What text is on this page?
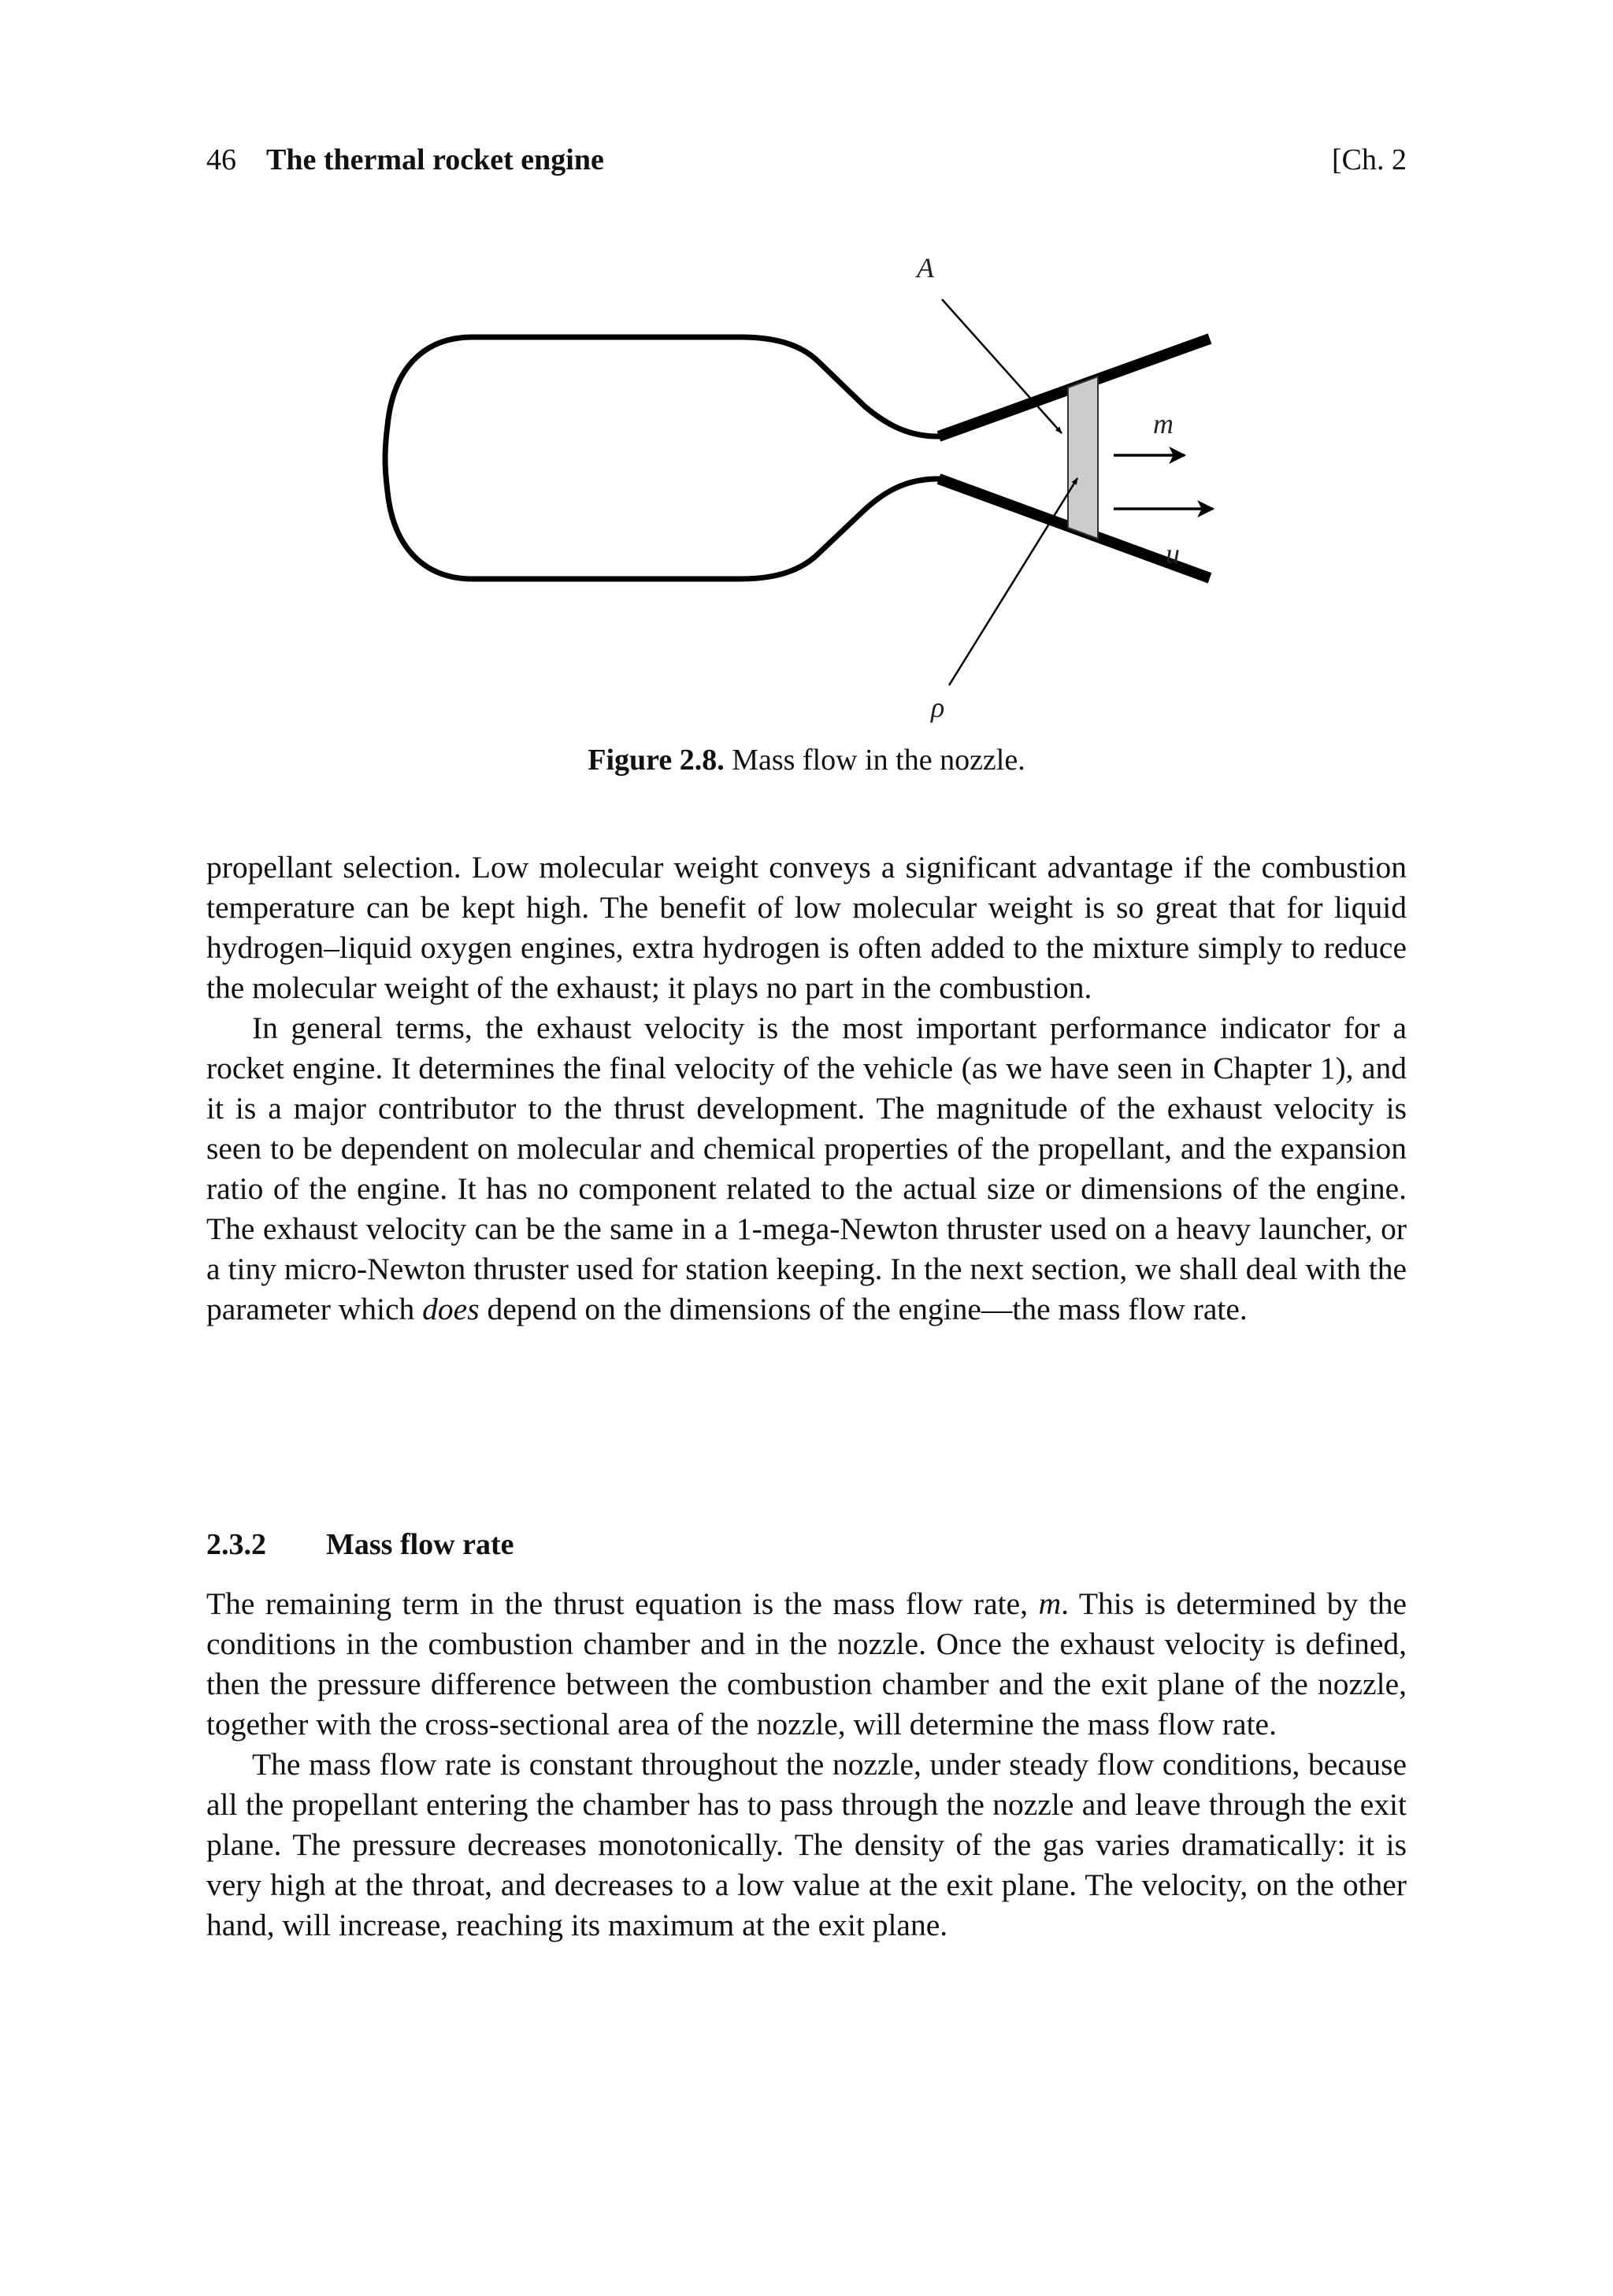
46 The thermal rocket engine	[Ch. 2
A
m
u
ρ
Figure 2.8. Mass flow in the nozzle.

propellant selection. Low molecular weight conveys a significant advantage if the combustion temperature can be kept high. The benefit of low molecular weight is so great that for liquid hydrogen–liquid oxygen engines, extra hydrogen is often added to the mixture simply to reduce the molecular weight of the exhaust; it plays no part in the combustion.

In general terms, the exhaust velocity is the most important performance indicator for a rocket engine. It determines the final velocity of the vehicle (as we have seen in Chapter 1), and it is a major contributor to the thrust development. The magnitude of the exhaust velocity is seen to be dependent on molecular and chemical properties of the propellant, and the expansion ratio of the engine. It has no component related to the actual size or dimensions of the engine. The exhaust velocity can be the same in a 1-mega-Newton thruster used on a heavy launcher, or a tiny micro-Newton thruster used for station keeping. In the next section, we shall deal with the parameter which does depend on the dimensions of the engine—the mass flow rate.

2.3.2 Mass flow rate

The remaining term in the thrust equation is the mass flow rate, m. This is determined by the conditions in the combustion chamber and in the nozzle. Once the exhaust velocity is defined, then the pressure difference between the combustion chamber and the exit plane of the nozzle, together with the cross-sectional area of the nozzle, will determine the mass flow rate.

The mass flow rate is constant throughout the nozzle, under steady flow conditions, because all the propellant entering the chamber has to pass through the nozzle and leave through the exit plane. The pressure decreases monotonically. The density of the gas varies dramatically: it is very high at the throat, and decreases to a low value at the exit plane. The velocity, on the other hand, will increase, reaching its maximum at the exit plane.
